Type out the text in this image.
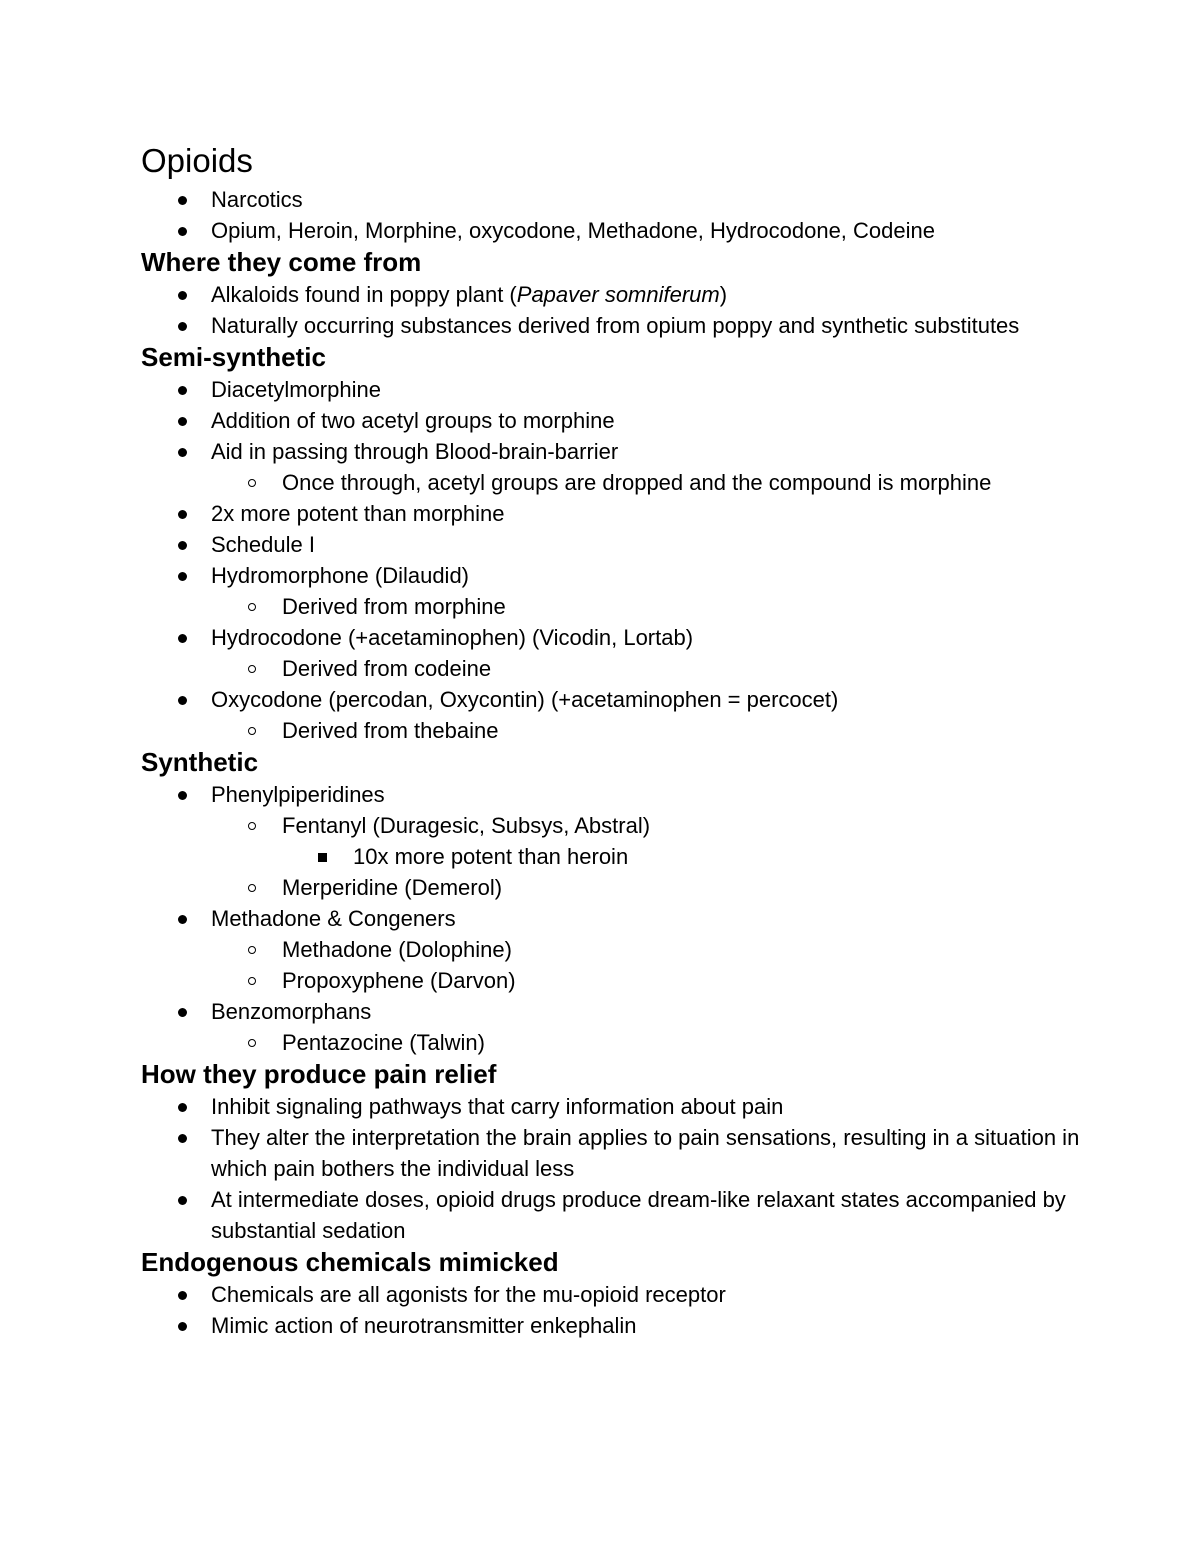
Opioids
Narcotics
Opium, Heroin, Morphine, oxycodone, Methadone, Hydrocodone, Codeine
Where they come from
Alkaloids found in poppy plant (Papaver somniferum)
Naturally occurring substances derived from opium poppy and synthetic substitutes
Semi-synthetic
Diacetylmorphine
Addition of two acetyl groups to morphine
Aid in passing through Blood-brain-barrier
Once through, acetyl groups are dropped and the compound is morphine
2x more potent than morphine
Schedule I
Hydromorphone (Dilaudid)
Derived from morphine
Hydrocodone (+acetaminophen) (Vicodin, Lortab)
Derived from codeine
Oxycodone (percodan, Oxycontin) (+acetaminophen = percocet)
Derived from thebaine
Synthetic
Phenylpiperidines
Fentanyl (Duragesic, Subsys, Abstral)
10x more potent than heroin
Merperidine (Demerol)
Methadone & Congeners
Methadone (Dolophine)
Propoxyphene (Darvon)
Benzomorphans
Pentazocine (Talwin)
How they produce pain relief
Inhibit signaling pathways that carry information about pain
They alter the interpretation the brain applies to pain sensations, resulting in a situation in which pain bothers the individual less
At intermediate doses, opioid drugs produce dream-like relaxant states accompanied by substantial sedation
Endogenous chemicals mimicked
Chemicals are all agonists for the mu-opioid receptor
Mimic action of neurotransmitter enkephalin
